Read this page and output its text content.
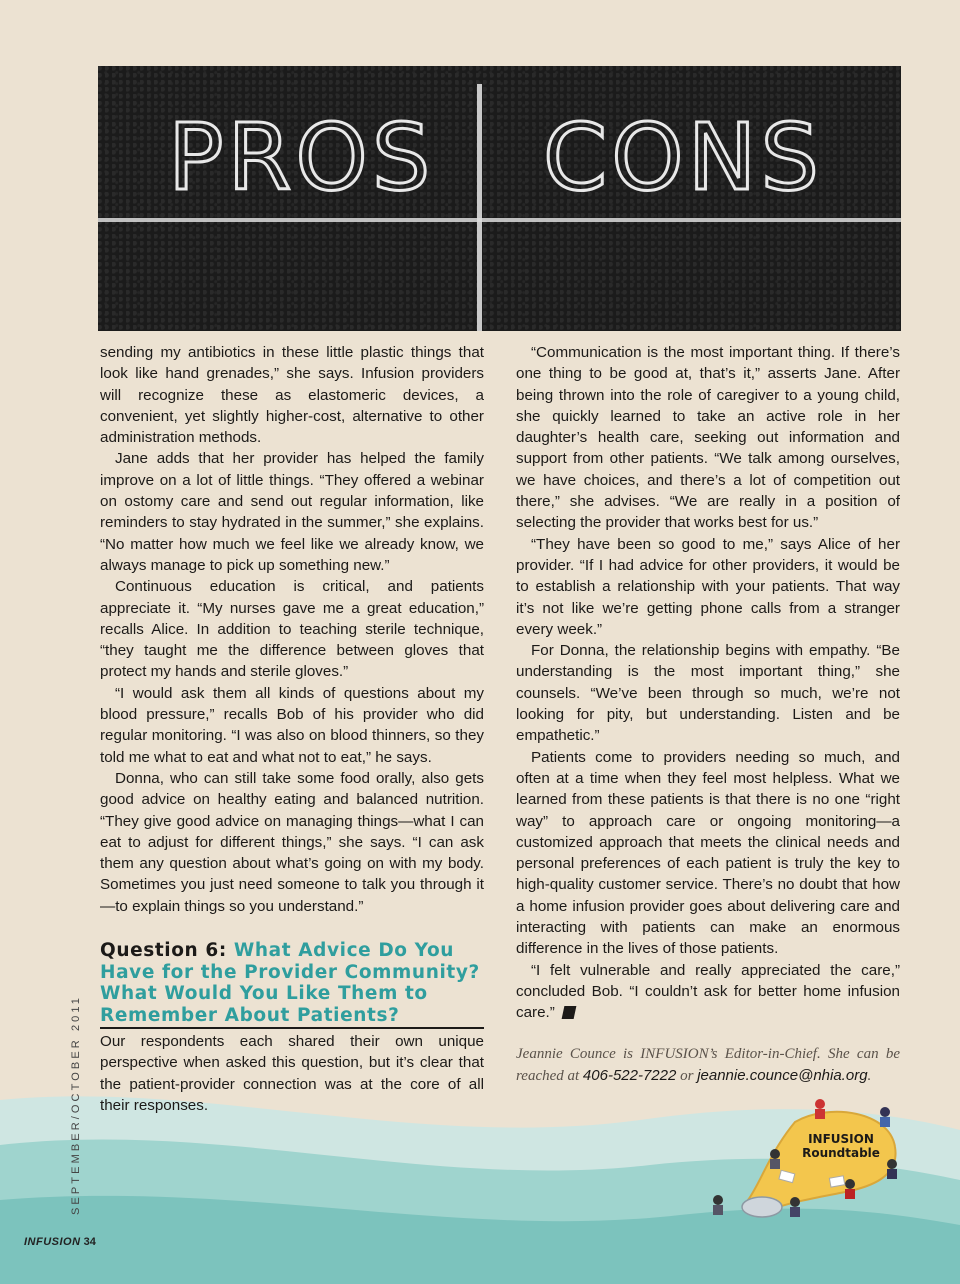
PROS CONS

sending my antibiotics in these little plastic things that look like hand grenades,” she says. Infusion providers will recognize these as elastomeric devices, a convenient, yet slightly higher-cost, alternative to other administration methods.

Jane adds that her provider has helped the family improve on a lot of little things. “They offered a webinar on ostomy care and send out regular information, like reminders to stay hydrated in the summer,” she explains. “No matter how much we feel like we already know, we always manage to pick up something new.”

Continuous education is critical, and patients appreciate it. “My nurses gave me a great education,” recalls Alice. In addition to teaching sterile technique, “they taught me the difference between gloves that protect my hands and sterile gloves.”

“I would ask them all kinds of questions about my blood pressure,” recalls Bob of his provider who did regular monitoring. “I was also on blood thinners, so they told me what to eat and what not to eat,” he says.

Donna, who can still take some food orally, also gets good advice on healthy eating and balanced nutrition. “They give good advice on managing things—what I can eat to adjust for different things,” she says. “I can ask them any question about what’s going on with my body. Sometimes you just need someone to talk you through it—to explain things so you understand.”

Question 6: What Advice Do You Have for the Provider Community? What Would You Like Them to Remember About Patients?

Our respondents each shared their own unique perspective when asked this question, but it’s clear that the patient-provider connection was at the core of all their responses.

“Communication is the most important thing. If there’s one thing to be good at, that’s it,” asserts Jane. After being thrown into the role of caregiver to a young child, she quickly learned to take an active role in her daughter’s health care, seeking out information and support from other patients. “We talk among ourselves, we have choices, and there’s a lot of competition out there,” she advises. “We are really in a position of selecting the provider that works best for us.”

“They have been so good to me,” says Alice of her provider. “If I had advice for other providers, it would be to establish a relationship with your patients. That way it’s not like we’re getting phone calls from a stranger every week.”

For Donna, the relationship begins with empathy. “Be understanding is the most important thing,” she counsels. “We’ve been through so much, we’re not looking for pity, but understanding. Listen and be empathetic.”

Patients come to providers needing so much, and often at a time when they feel most helpless. What we learned from these patients is that there is no one “right way” to approach care or ongoing monitoring—a customized approach that meets the clinical needs and personal preferences of each patient is truly the key to high-quality customer service. There’s no doubt that how a home infusion provider goes about delivering care and interacting with patients can make an enormous difference in the lives of those patients.

“I felt vulnerable and really appreciated the care,” concluded Bob. “I couldn’t ask for better home infusion care.”

Jeannie Counce is INFUSION’s Editor-in-Chief. She can be reached at 406-522-7222 or jeannie.counce@nhia.org.

SEPTEMBER/OCTOBER 2011
INFUSION 34
INFUSION
Roundtable
